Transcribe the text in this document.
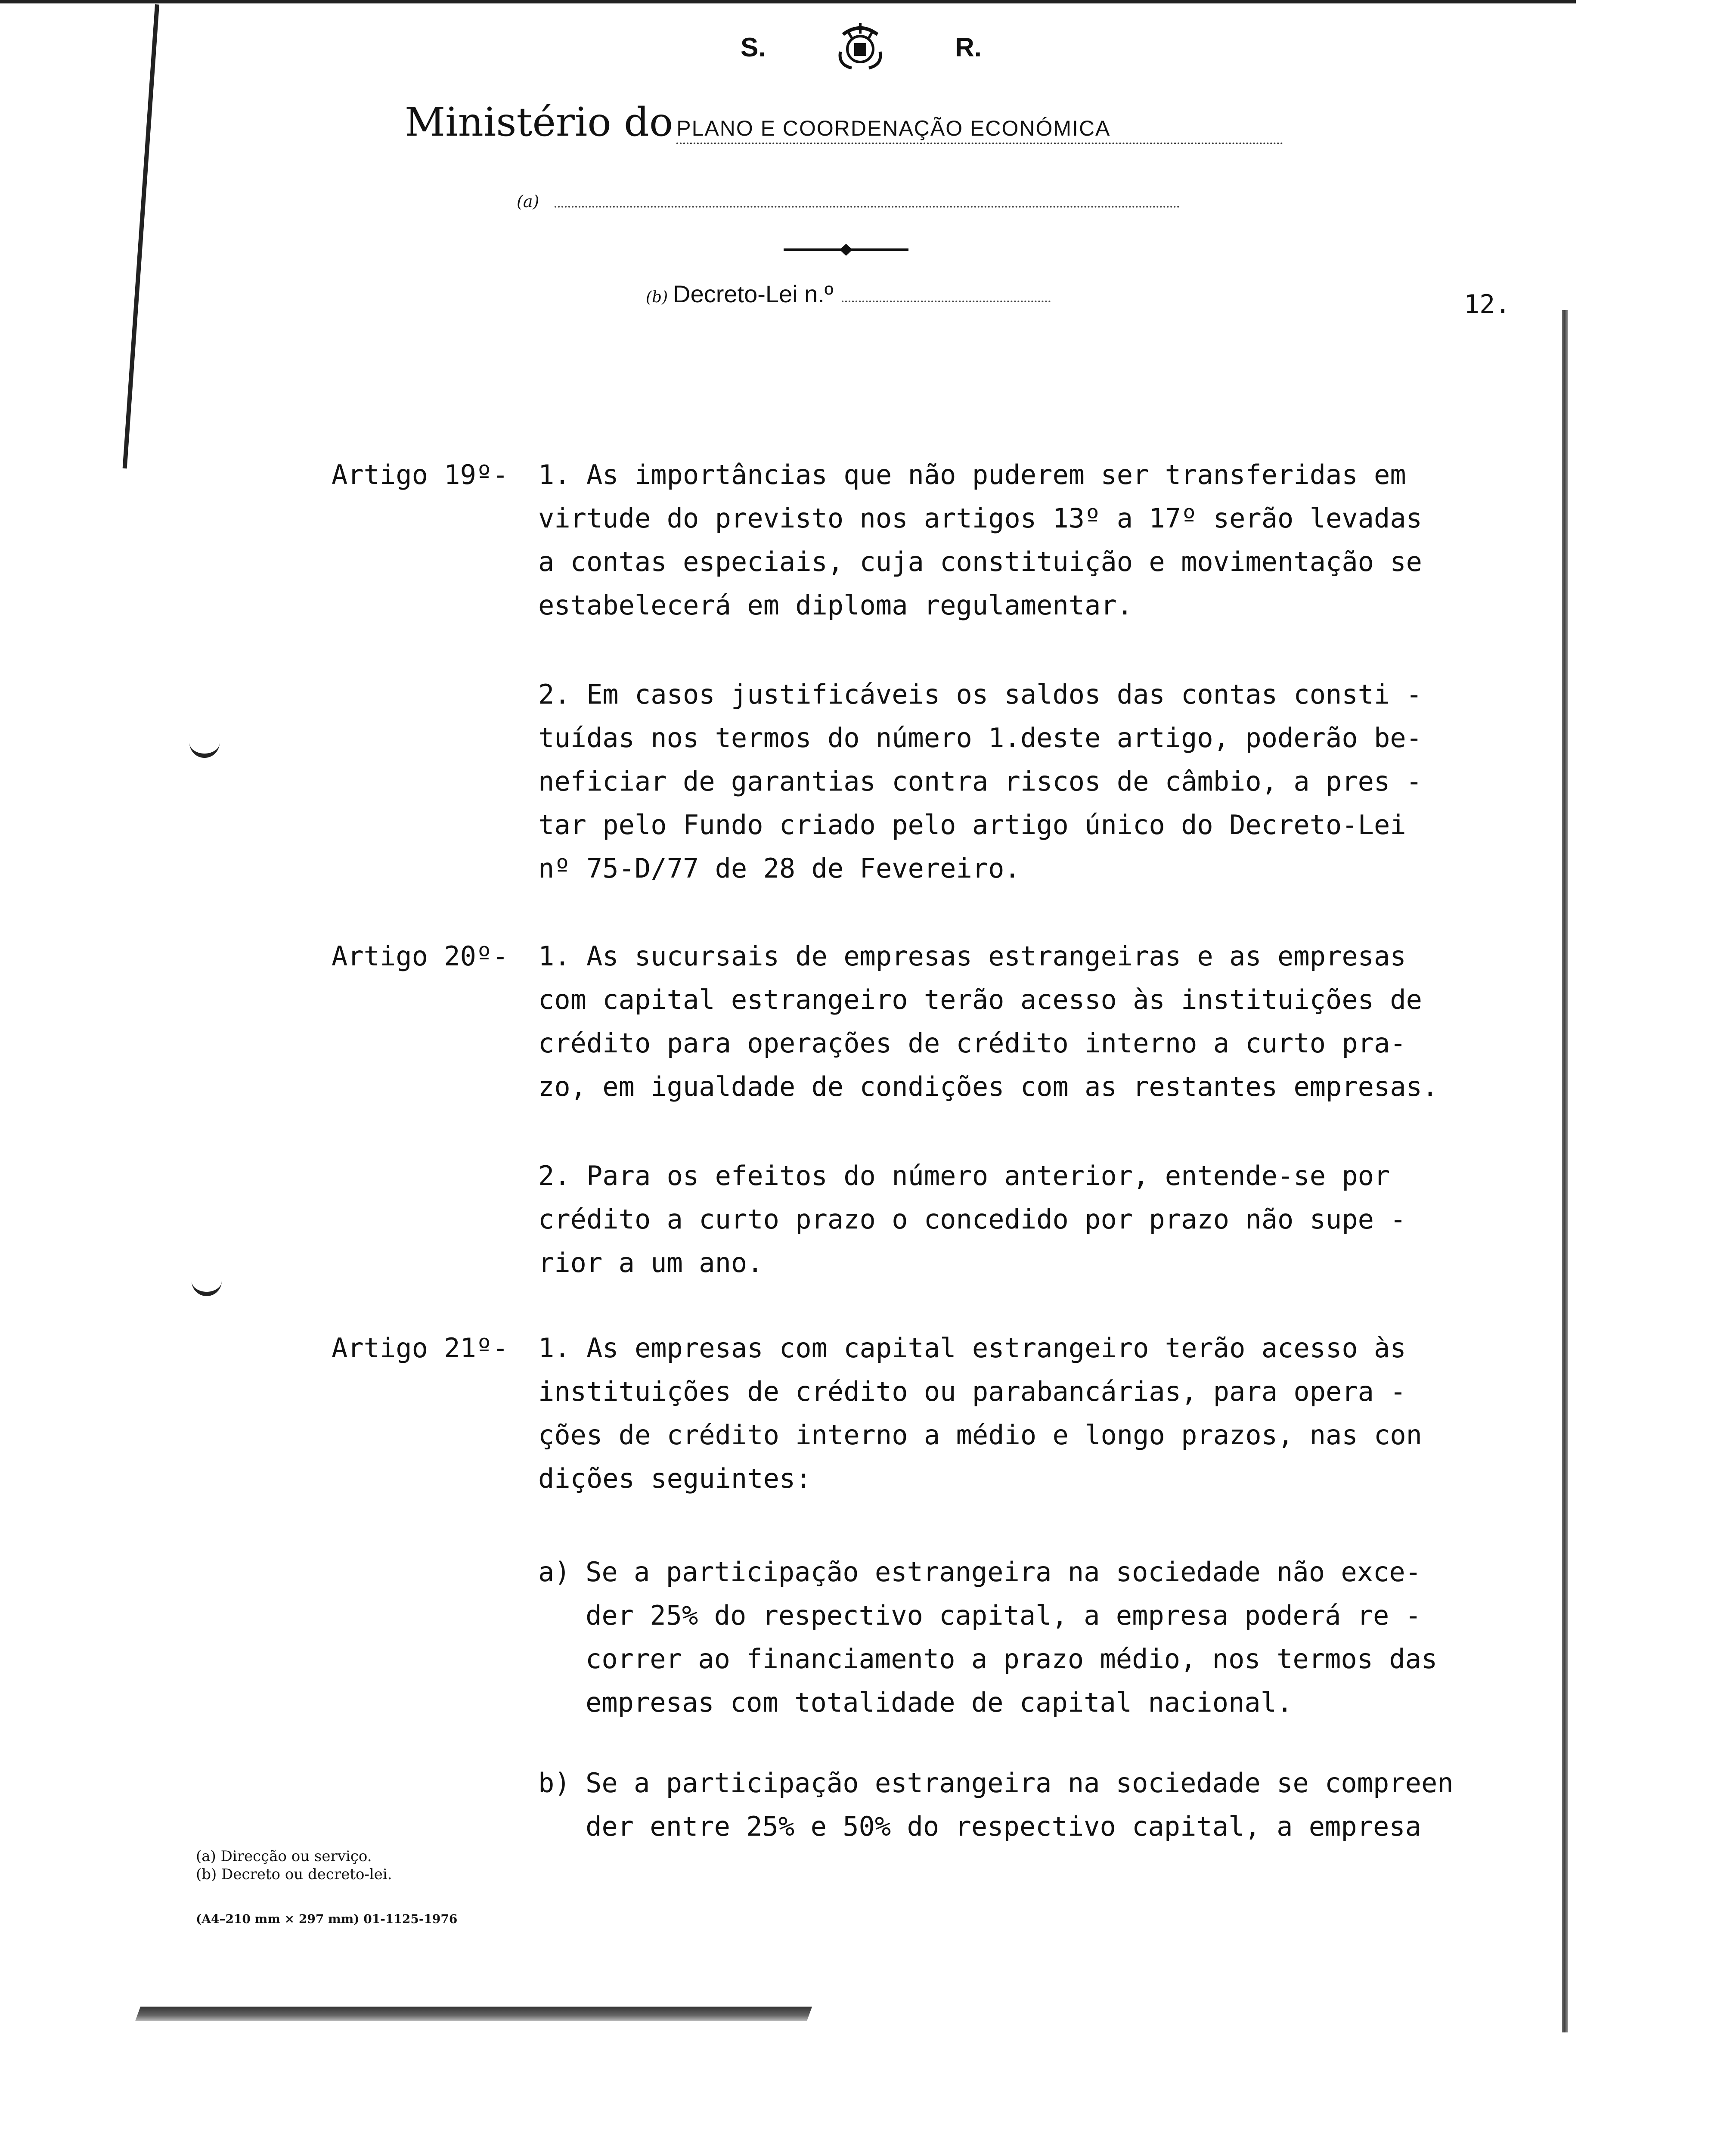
S.	R.
Ministério do PLANO E COORDENAÇÃO ECONÓMICA
(a)
(b) Decreto-Lei n.º	12.
Artigo 19º- 1. As importâncias que não puderem ser transferidas em
virtude do previsto nos artigos 13º a 17º serão levadas
a contas especiais, cuja constituição e movimentação se
estabelecerá em diploma regulamentar.
2. Em casos justificáveis os saldos das contas consti -
tuídas nos termos do número 1.deste artigo, poderão be-
neficiar de garantias contra riscos de câmbio, a pres -
tar pelo Fundo criado pelo artigo único do Decreto-Lei
nº 75-D/77 de 28 de Fevereiro.
Artigo 20º- 1. As sucursais de empresas estrangeiras e as empresas
com capital estrangeiro terão acesso às instituições de
crédito para operações de crédito interno a curto pra-
zo, em igualdade de condições com as restantes empresas.
2. Para os efeitos do número anterior, entende-se por
crédito a curto prazo o concedido por prazo não supe -
rior a um ano.
Artigo 21º- 1. As empresas com capital estrangeiro terão acesso às
instituições de crédito ou parabancárias, para opera -
ções de crédito interno a médio e longo prazos, nas con
dições seguintes:
a) Se a participação estrangeira na sociedade não exce-
der 25% do respectivo capital, a empresa poderá re -
correr ao financiamento a prazo médio, nos termos das
empresas com totalidade de capital nacional.
b) Se a participação estrangeira na sociedade se compreen
der entre 25% e 50% do respectivo capital, a empresa
(a) Direcção ou serviço.
(b) Decreto ou decreto-lei.
(A4–210 mm × 297 mm) 01-1125-1976
